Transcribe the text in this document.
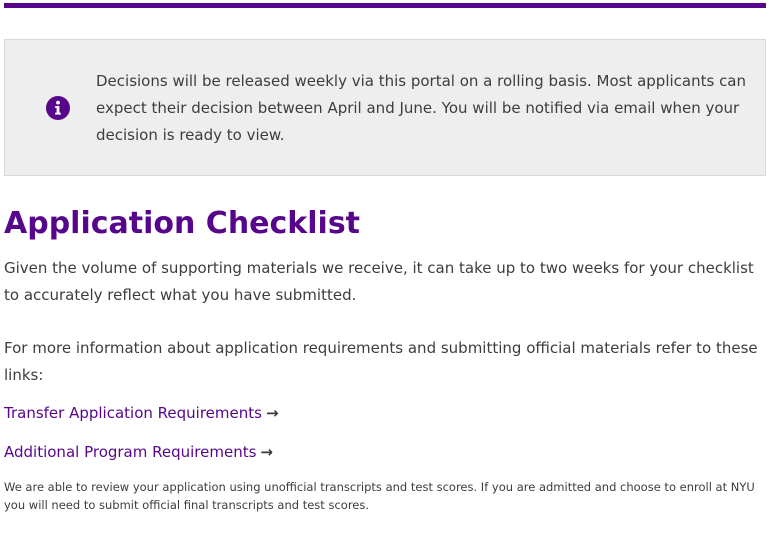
Decisions will be released weekly via this portal on a rolling basis. Most applicants can expect their decision between April and June. You will be notified via email when your decision is ready to view.

Application Checklist

Given the volume of supporting materials we receive, it can take up to two weeks for your checklist to accurately reflect what you have submitted.

For more information about application requirements and submitting official materials refer to these links:

Transfer Application Requirements →
Additional Program Requirements →

We are able to review your application using unofficial transcripts and test scores. If you are admitted and choose to enroll at NYU you will need to submit official final transcripts and test scores.
